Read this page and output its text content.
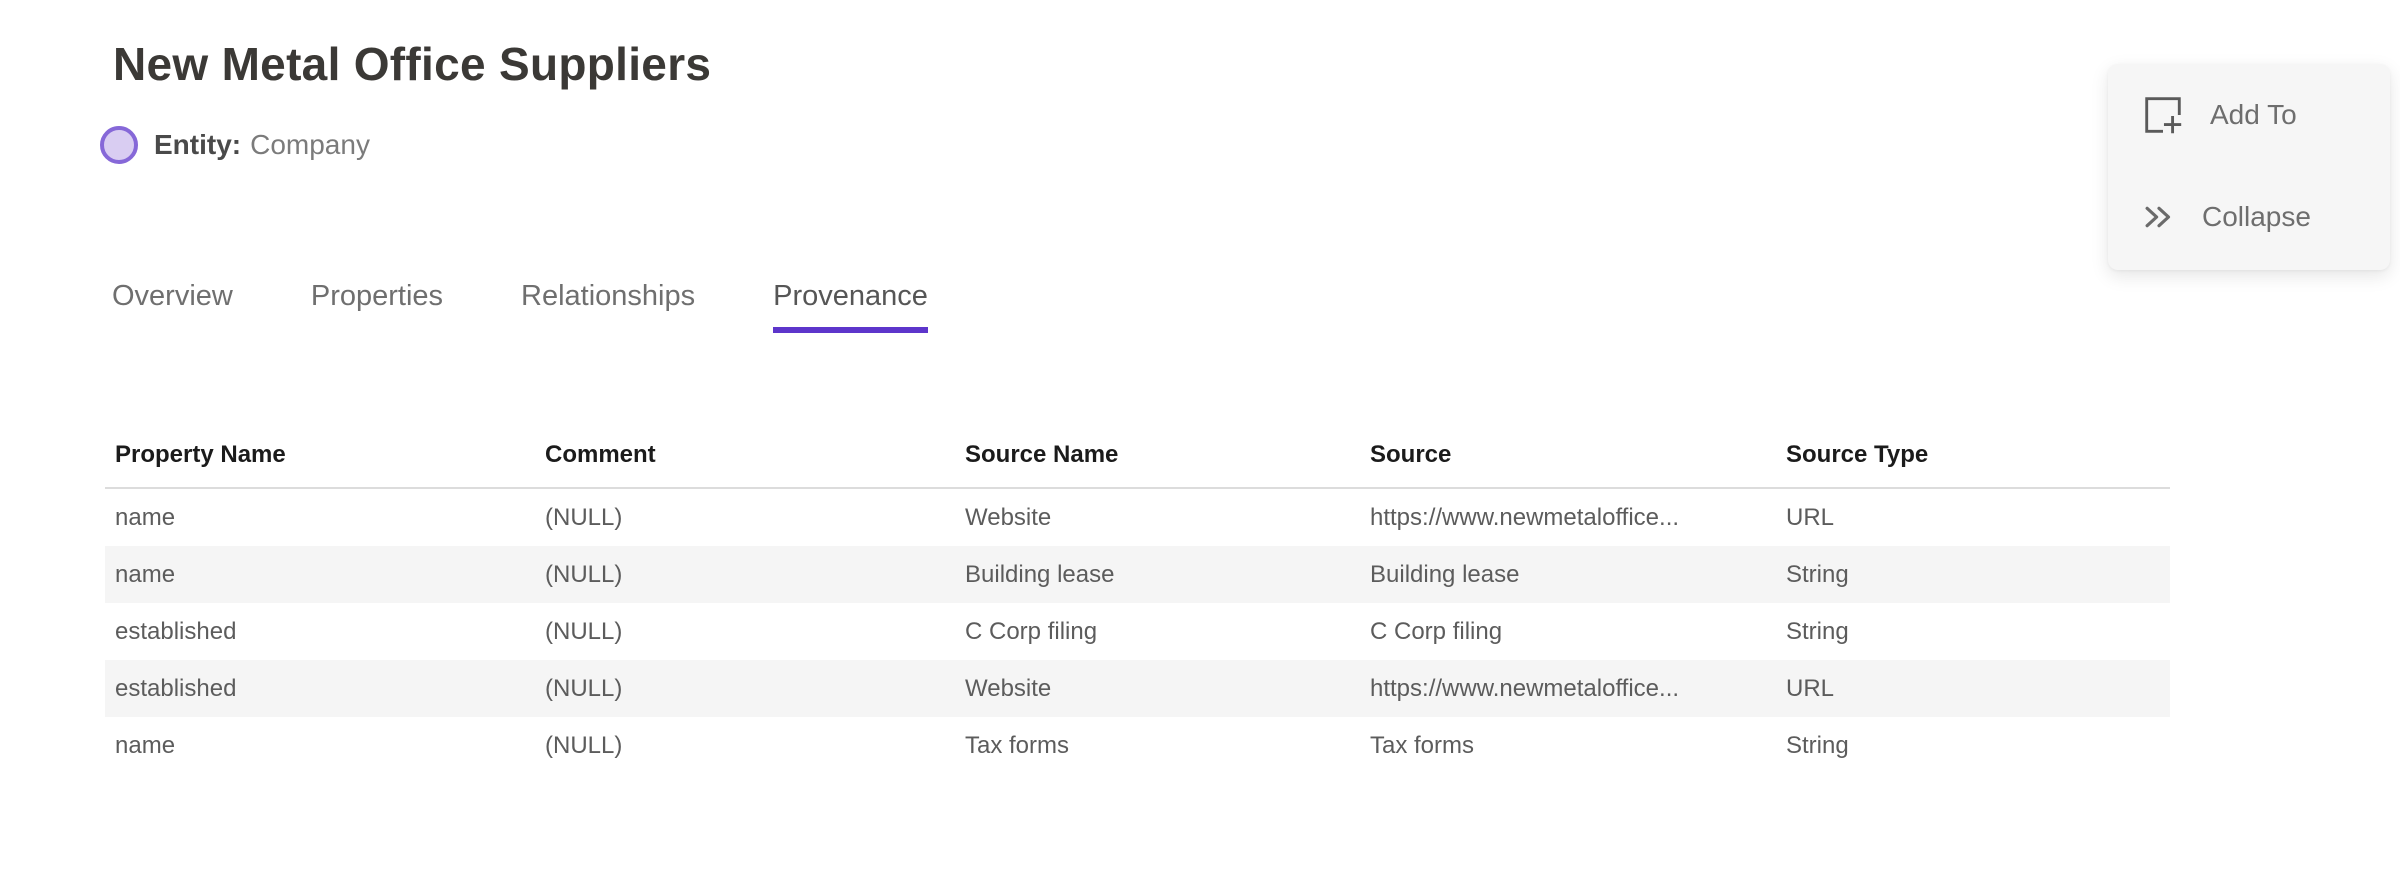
New Metal Office Suppliers
Entity: Company
Overview	Properties	Relationships	Provenance
Property Name	Comment	Source Name	Source	Source Type
name	(NULL)	Website	https://www.newmetaloffice...	URL
name	(NULL)	Building lease	Building lease	String
established	(NULL)	C Corp filing	C Corp filing	String
established	(NULL)	Website	https://www.newmetaloffice...	URL
name	(NULL)	Tax forms	Tax forms	String
Add To
Collapse
